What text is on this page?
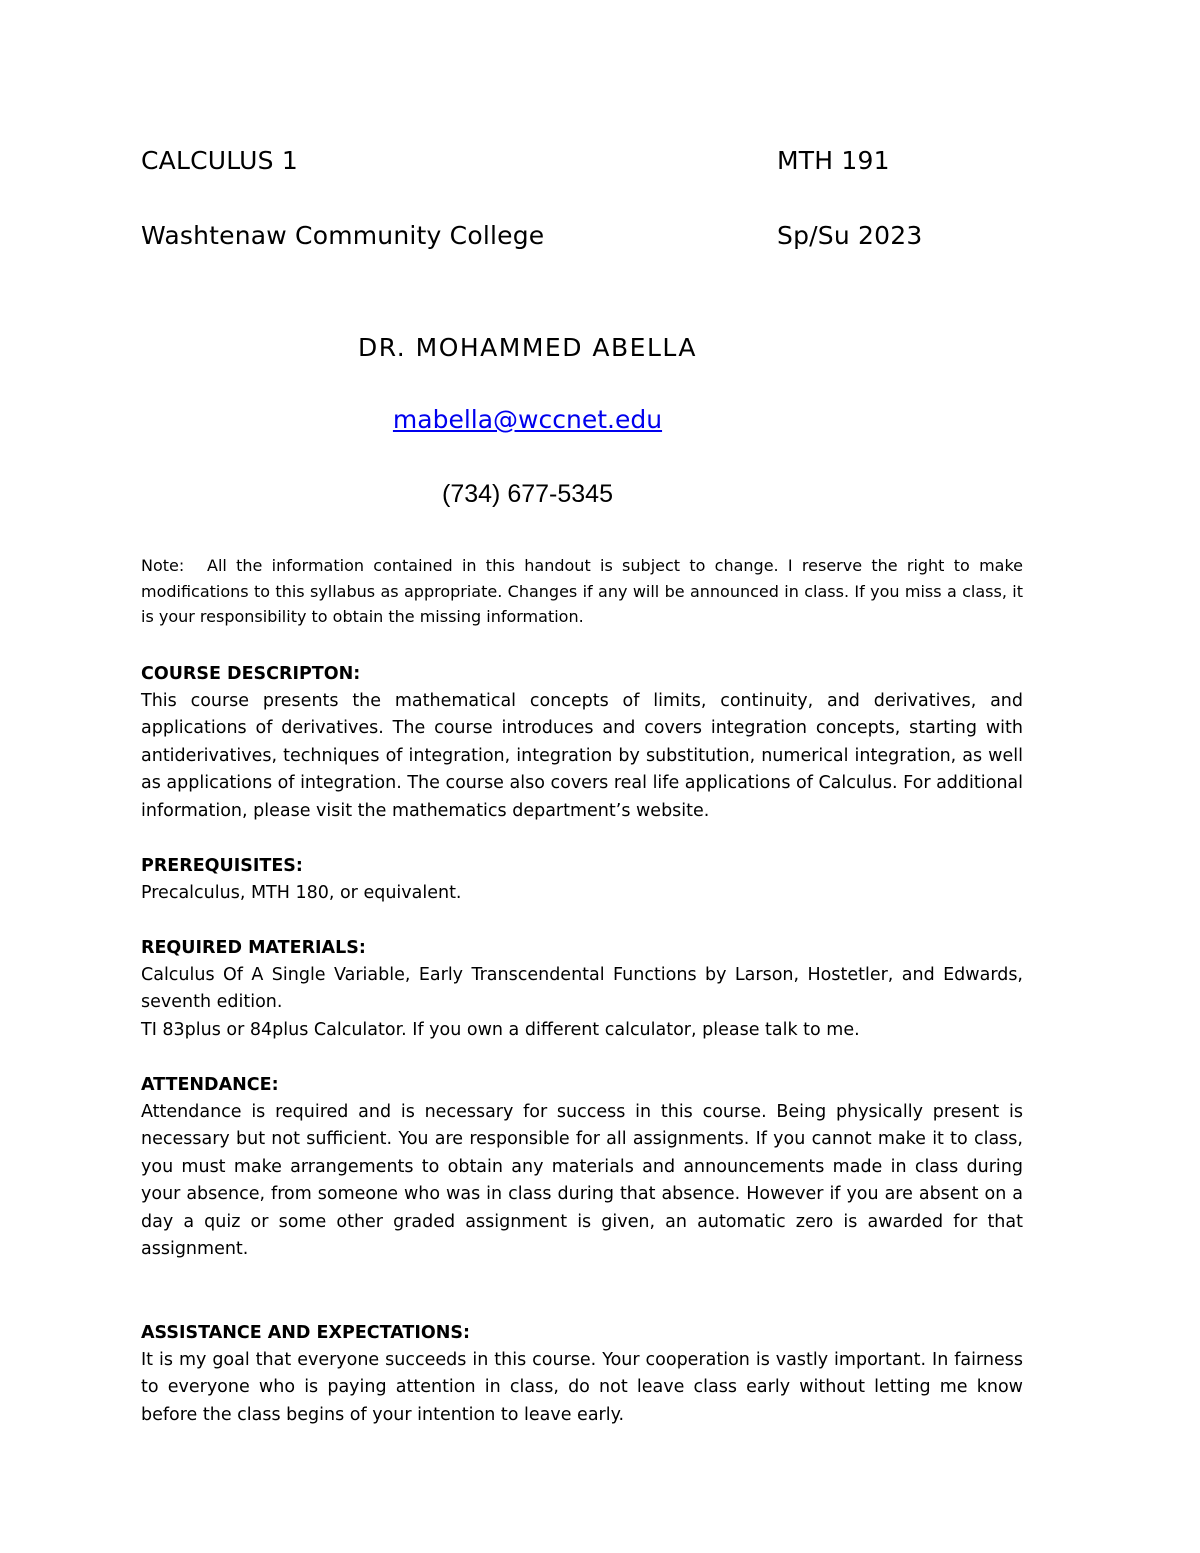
CALCULUS 1	MTH 191
Washtenaw Community College	Sp/Su 2023
DR. MOHAMMED ABELLA
mabella@wccnet.edu
(734) 677-5345
Note: All the information contained in this handout is subject to change. I reserve the right to make modifications to this syllabus as appropriate. Changes if any will be announced in class. If you miss a class, it is your responsibility to obtain the missing information.

COURSE DESCRIPTON:

This course presents the mathematical concepts of limits, continuity, and derivatives, and applications of derivatives. The course introduces and covers integration concepts, starting with antiderivatives, techniques of integration, integration by substitution, numerical integration, as well as applications of integration. The course also covers real life applications of Calculus. For additional information, please visit the mathematics department’s website.

PREREQUISITES:

Precalculus, MTH 180, or equivalent.

REQUIRED MATERIALS:

Calculus Of A Single Variable, Early Transcendental Functions by Larson, Hostetler, and Edwards, seventh edition.

TI 83plus or 84plus Calculator. If you own a different calculator, please talk to me.

ATTENDANCE:

Attendance is required and is necessary for success in this course. Being physically present is necessary but not sufficient. You are responsible for all assignments. If you cannot make it to class, you must make arrangements to obtain any materials and announcements made in class during your absence, from someone who was in class during that absence. However if you are absent on a day a quiz or some other graded assignment is given, an automatic zero is awarded for that assignment.

ASSISTANCE AND EXPECTATIONS:

It is my goal that everyone succeeds in this course. Your cooperation is vastly important. In fairness to everyone who is paying attention in class, do not leave class early without letting me know before the class begins of your intention to leave early.
